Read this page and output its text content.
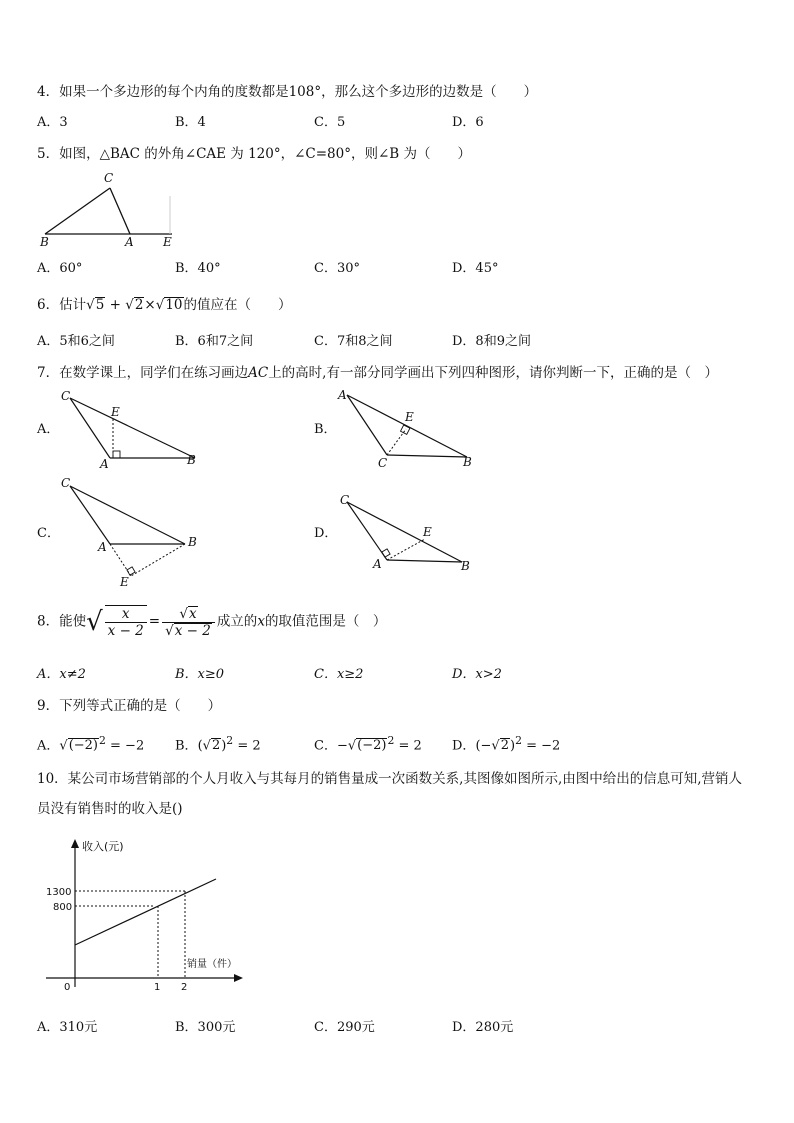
4．如果一个多边形的每个内角的度数都是108°，那么这个多边形的边数是（　　）
A．3	B．4	C．5	D．6
5．如图，△BAC 的外角∠CAE 为 120°，∠C=80°，则∠B 为（　　）
C
B	A E
A．60°	B．40°	C．30°	D．45°
6．估计√5 + √2×√10的值应在（　　）
A．5和6之间	B．6和7之间	C．7和8之间	D．8和9之间
7．在数学课上，同学们在练习画边AC上的高时,有一部分同学画出下列四种图形，请你判断一下，正确的是（　）
A．
C
E
A	B
B．
A
E
C	B
C．
C
A	B
E
D．
C
E
A	B
8．能使√ $\frac{x}{x - 2} = \frac{√x}{√x - 2}$ 成立的x的取值范围是（　）
A．x≠2	B．x≥0	C．x≥2	D．x>2
9．下列等式正确的是（　　）
A．$√(-2)^2 = -2$ B．$(√2)^2 = 2$	C．$-√(-2)^2 = 2$ D．$(-√2)^2 = -2$
10．某公司市场营销部的个人月收入与其每月的销售量成一次函数关系,其图像如图所示,由图中给出的信息可知,营销人
员没有销售时的收入是()
收入(元)
销量（件）
0	1 2
1300
800
A．310元	B．300元	C．290元	D．280元
